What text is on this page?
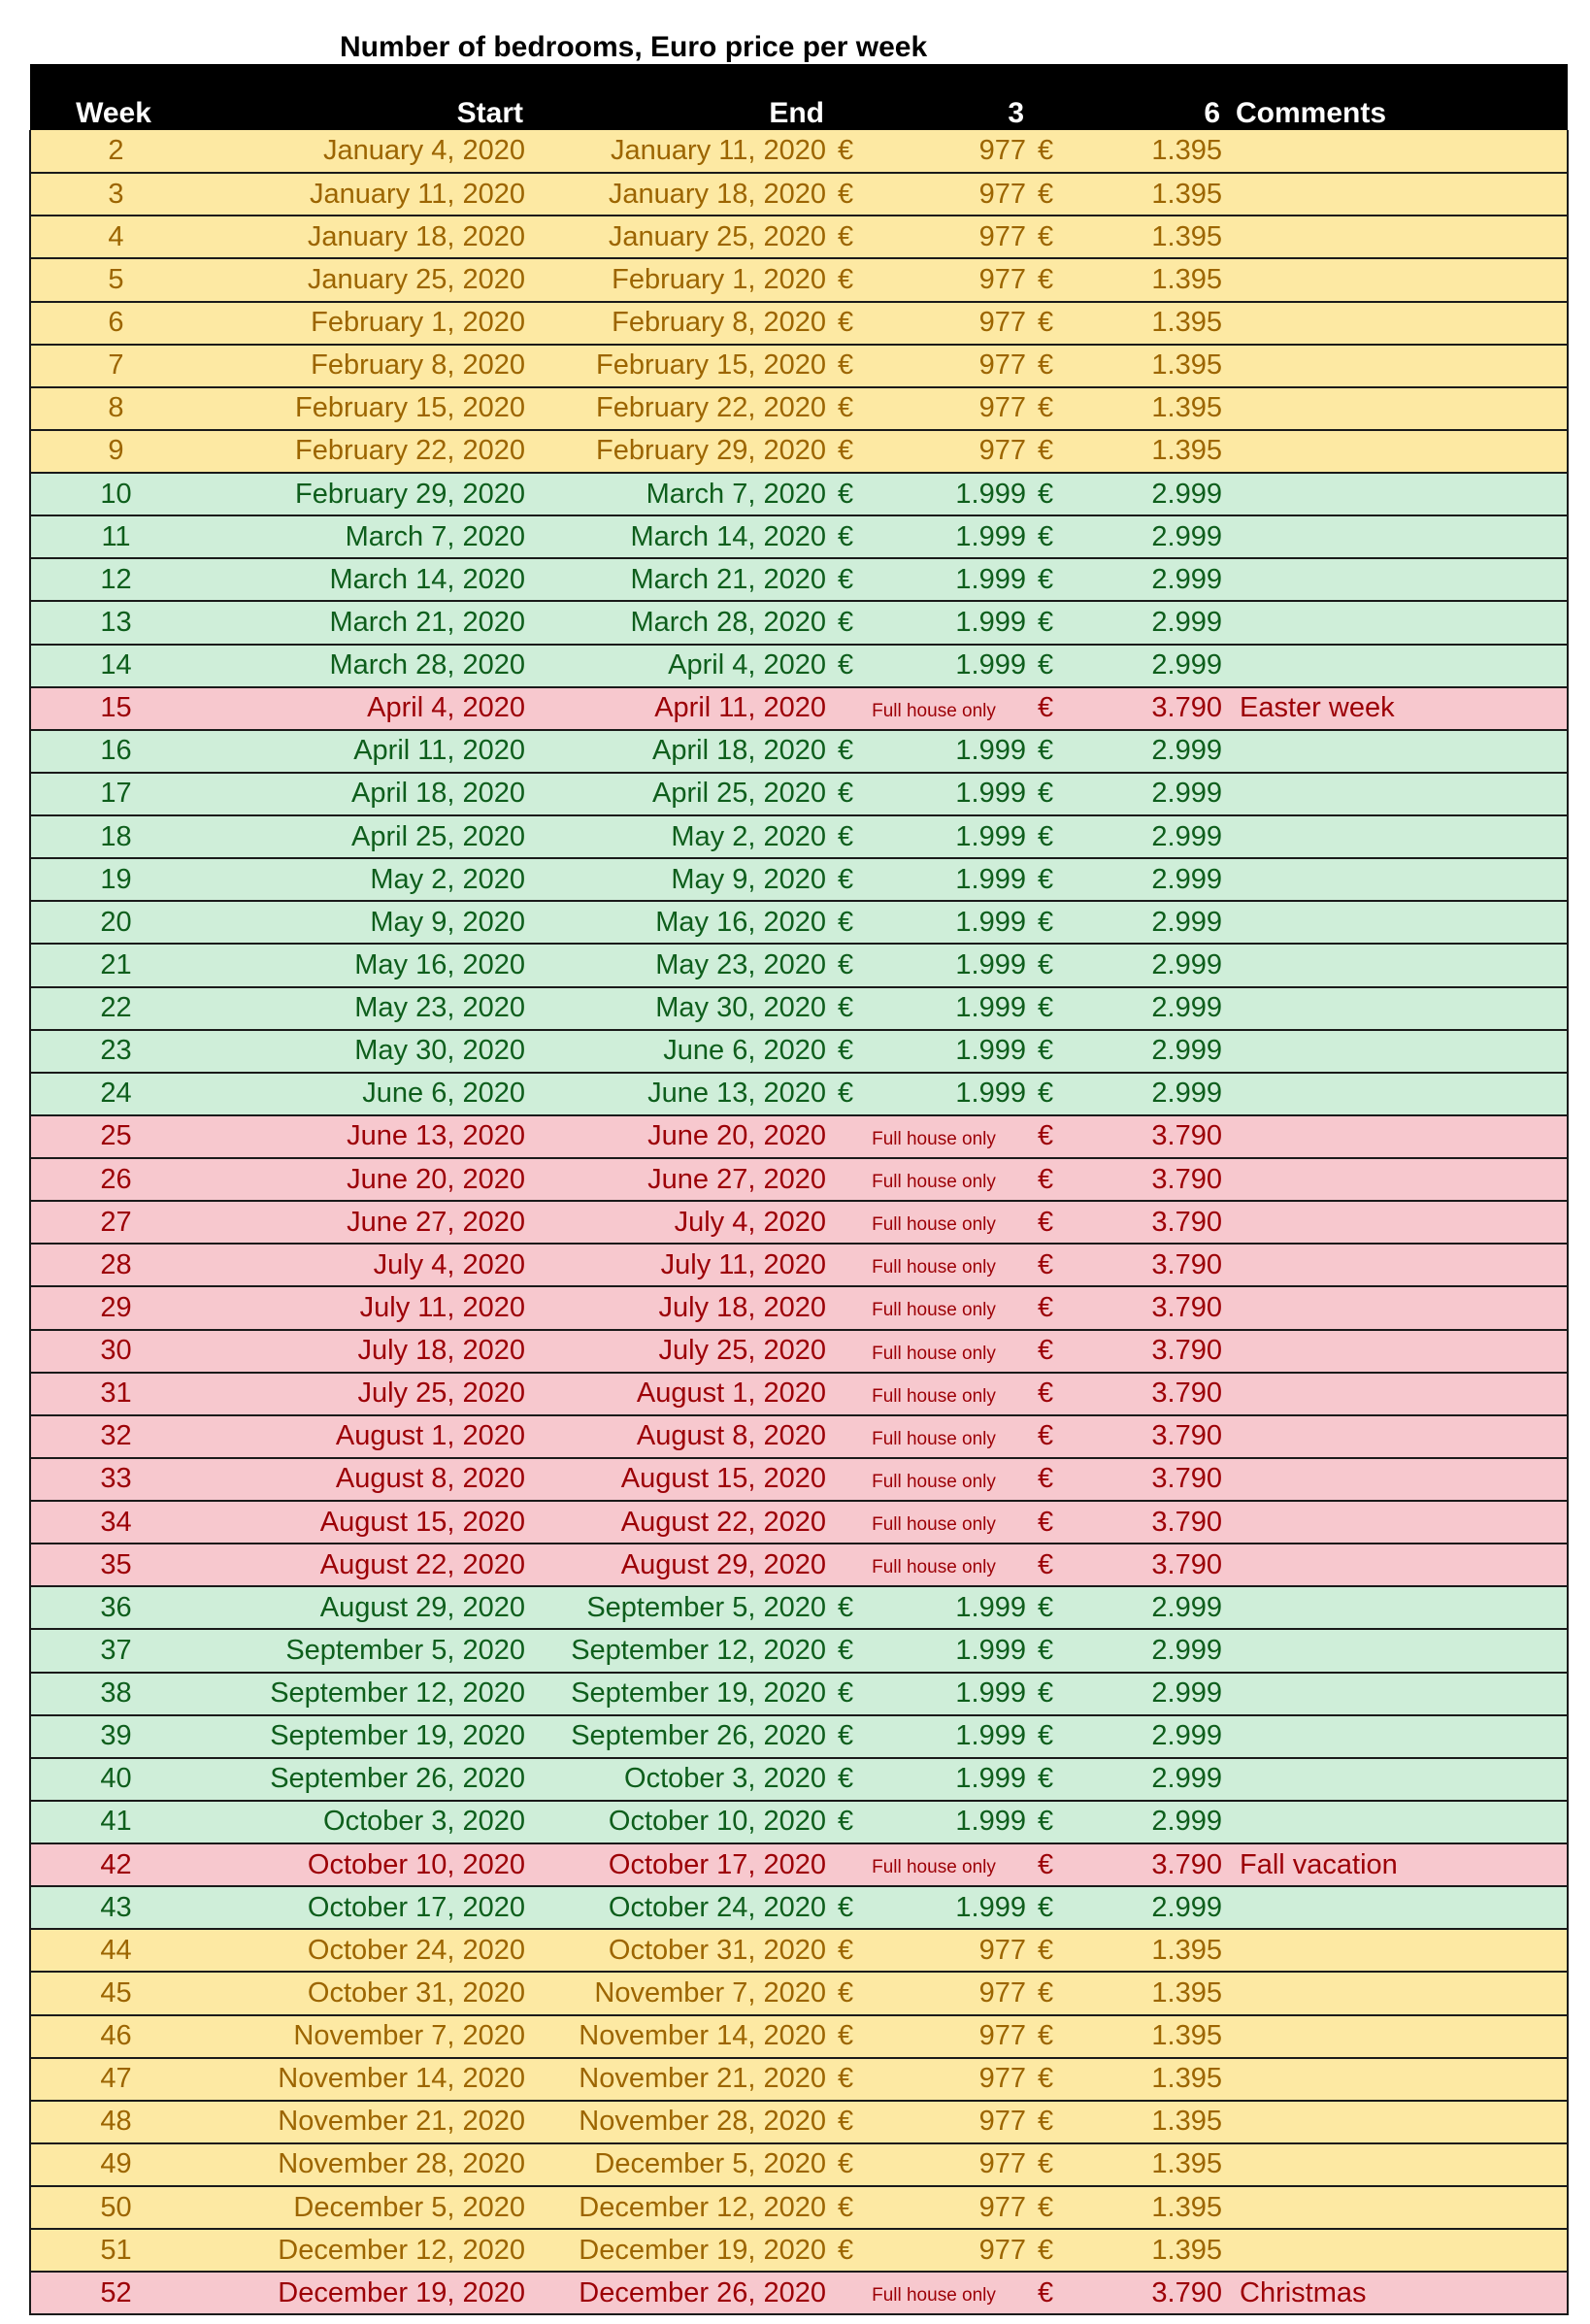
Number of bedrooms, Euro price per week
Week	Start	End		3		6	Comments
2	January 4, 2020	January 11, 2020	€	977	€	1.395	
3	January 11, 2020	January 18, 2020	€	977	€	1.395	
4	January 18, 2020	January 25, 2020	€	977	€	1.395	
5	January 25, 2020	February 1, 2020	€	977	€	1.395	
6	February 1, 2020	February 8, 2020	€	977	€	1.395	
7	February 8, 2020	February 15, 2020	€	977	€	1.395	
8	February 15, 2020	February 22, 2020	€	977	€	1.395	
9	February 22, 2020	February 29, 2020	€	977	€	1.395	
10	February 29, 2020	March 7, 2020	€	1.999	€	2.999	
11	March 7, 2020	March 14, 2020	€	1.999	€	2.999	
12	March 14, 2020	March 21, 2020	€	1.999	€	2.999	
13	March 21, 2020	March 28, 2020	€	1.999	€	2.999	
14	March 28, 2020	April 4, 2020	€	1.999	€	2.999	
15	April 4, 2020	April 11, 2020	Full house only		€	3.790	Easter week
16	April 11, 2020	April 18, 2020	€	1.999	€	2.999	
17	April 18, 2020	April 25, 2020	€	1.999	€	2.999	
18	April 25, 2020	May 2, 2020	€	1.999	€	2.999	
19	May 2, 2020	May 9, 2020	€	1.999	€	2.999	
20	May 9, 2020	May 16, 2020	€	1.999	€	2.999	
21	May 16, 2020	May 23, 2020	€	1.999	€	2.999	
22	May 23, 2020	May 30, 2020	€	1.999	€	2.999	
23	May 30, 2020	June 6, 2020	€	1.999	€	2.999	
24	June 6, 2020	June 13, 2020	€	1.999	€	2.999	
25	June 13, 2020	June 20, 2020	Full house only		€	3.790	
26	June 20, 2020	June 27, 2020	Full house only		€	3.790	
27	June 27, 2020	July 4, 2020	Full house only		€	3.790	
28	July 4, 2020	July 11, 2020	Full house only		€	3.790	
29	July 11, 2020	July 18, 2020	Full house only		€	3.790	
30	July 18, 2020	July 25, 2020	Full house only		€	3.790	
31	July 25, 2020	August 1, 2020	Full house only		€	3.790	
32	August 1, 2020	August 8, 2020	Full house only		€	3.790	
33	August 8, 2020	August 15, 2020	Full house only		€	3.790	
34	August 15, 2020	August 22, 2020	Full house only		€	3.790	
35	August 22, 2020	August 29, 2020	Full house only		€	3.790	
36	August 29, 2020	September 5, 2020	€	1.999	€	2.999	
37	September 5, 2020	September 12, 2020	€	1.999	€	2.999	
38	September 12, 2020	September 19, 2020	€	1.999	€	2.999	
39	September 19, 2020	September 26, 2020	€	1.999	€	2.999	
40	September 26, 2020	October 3, 2020	€	1.999	€	2.999	
41	October 3, 2020	October 10, 2020	€	1.999	€	2.999	
42	October 10, 2020	October 17, 2020	Full house only		€	3.790	Fall vacation
43	October 17, 2020	October 24, 2020	€	1.999	€	2.999	
44	October 24, 2020	October 31, 2020	€	977	€	1.395	
45	October 31, 2020	November 7, 2020	€	977	€	1.395	
46	November 7, 2020	November 14, 2020	€	977	€	1.395	
47	November 14, 2020	November 21, 2020	€	977	€	1.395	
48	November 21, 2020	November 28, 2020	€	977	€	1.395	
49	November 28, 2020	December 5, 2020	€	977	€	1.395	
50	December 5, 2020	December 12, 2020	€	977	€	1.395	
51	December 12, 2020	December 19, 2020	€	977	€	1.395	
52	December 19, 2020	December 26, 2020	Full house only		€	3.790	Christmas
